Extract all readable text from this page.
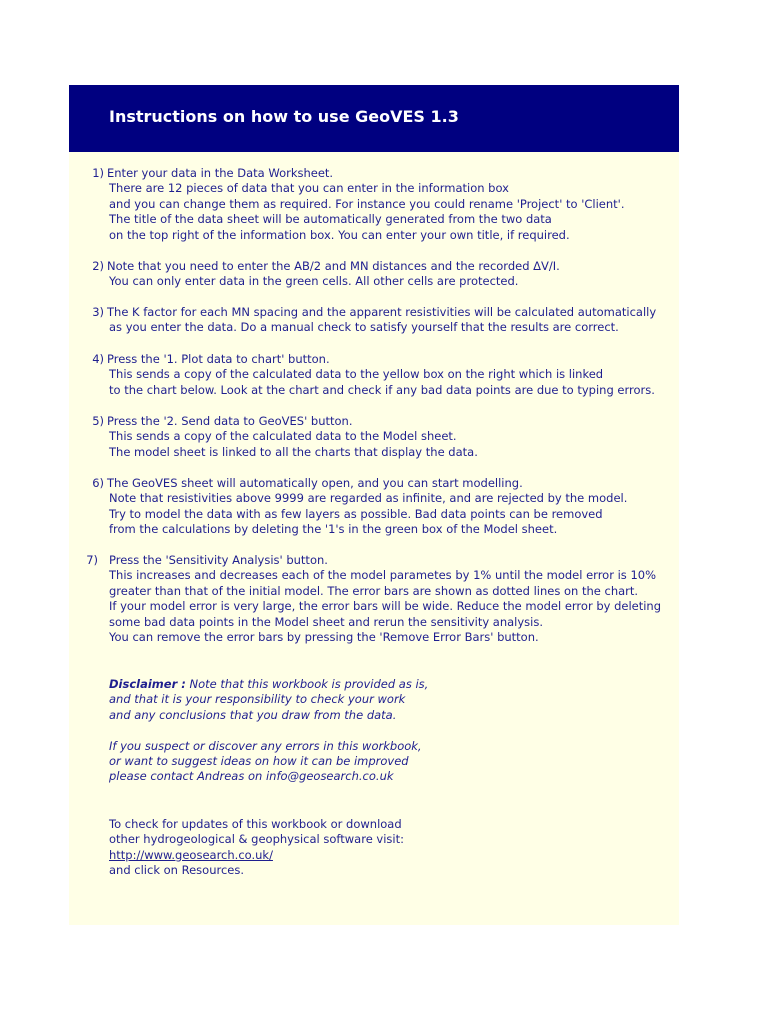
Instructions on how to use GeoVES 1.3
1) Enter your data in the Data Worksheet.
There are 12 pieces of data that you can enter in the information box
and you can change them as required. For instance you could rename 'Project' to 'Client'.
The title of the data sheet will be automatically generated from the two data
on the top right of the information box. You can enter your own title, if required.
2) Note that you need to enter the AB/2 and MN distances and the recorded ΔV/I.
You can only enter data in the green cells. All other cells are protected.
3) The K factor for each MN spacing and the apparent resistivities will be calculated automatically
as you enter the data. Do a manual check to satisfy yourself that the results are correct.
4) Press the '1. Plot data to chart' button.
This sends a copy of the calculated data to the yellow box on the right which is linked
to the chart below. Look at the chart and check if any bad data points are due to typing errors.
5) Press the '2. Send data to GeoVES' button.
This sends a copy of the calculated data to the Model sheet.
The model sheet is linked to all the charts that display the data.
6) The GeoVES sheet will automatically open, and you can start modelling.
Note that resistivities above 9999 are regarded as infinite, and are rejected by the model.
Try to model the data with as few layers as possible. Bad data points can be removed
from the calculations by deleting the '1's in the green box of the Model sheet.
7) Press the 'Sensitivity Analysis' button.
This increases and decreases each of the model parametes by 1% until the model error is 10%
greater than that of the initial model. The error bars are shown as dotted lines on the chart.
If your model error is very large, the error bars will be wide. Reduce the model error by deleting
some bad data points in the Model sheet and rerun the sensitivity analysis.
You can remove the error bars by pressing the 'Remove Error Bars' button.
Disclaimer : Note that this workbook is provided as is,
and that it is your responsibility to check your work
and any conclusions that you draw from the data.
If you suspect or discover any errors in this workbook,
or want to suggest ideas on how it can be improved
please contact Andreas on info@geosearch.co.uk
To check for updates of this workbook or download
other hydrogeological & geophysical software visit:
http://www.geosearch.co.uk/
and click on Resources.
